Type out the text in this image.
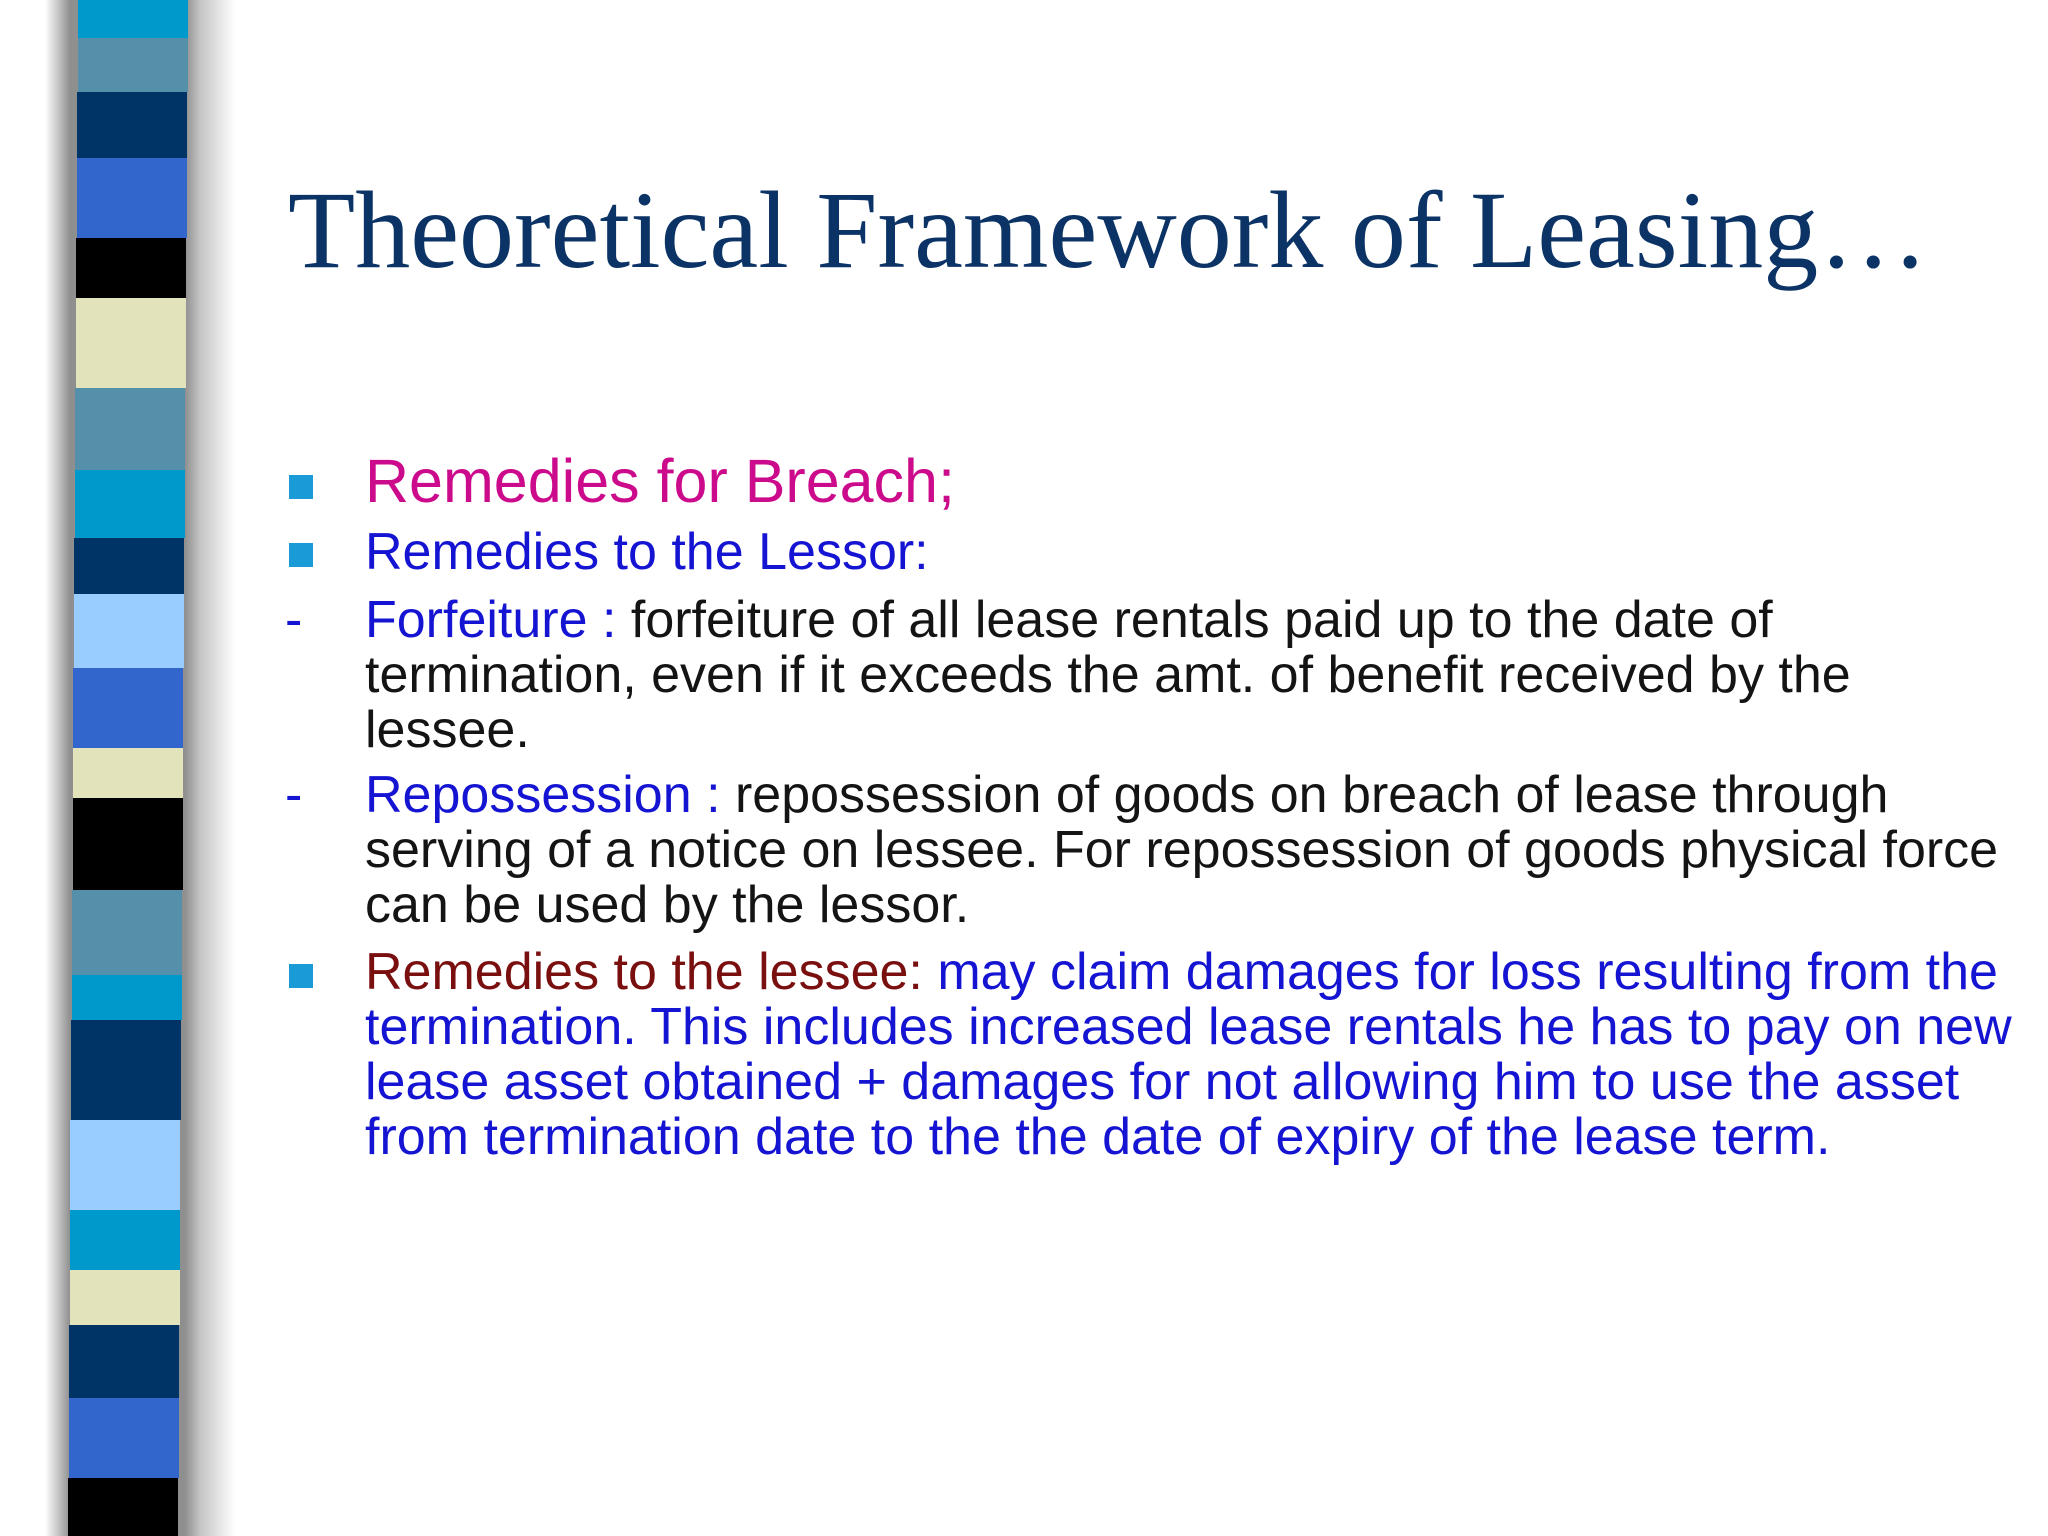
Theoretical Framework of Leasing…
Remedies for Breach;
Remedies to the Lessor:
- Forfeiture : forfeiture of all lease rentals paid up to the date of termination, even if it exceeds the amt. of benefit received by the lessee.
- Repossession : repossession of goods on breach of lease through serving of a notice on lessee. For repossession of goods physical force can be used by the lessor.
Remedies to the lessee: may claim damages for loss resulting from the termination. This includes increased lease rentals he has to pay on new lease asset obtained + damages for not allowing him to use the asset from termination date to the the date of expiry of the lease term.
